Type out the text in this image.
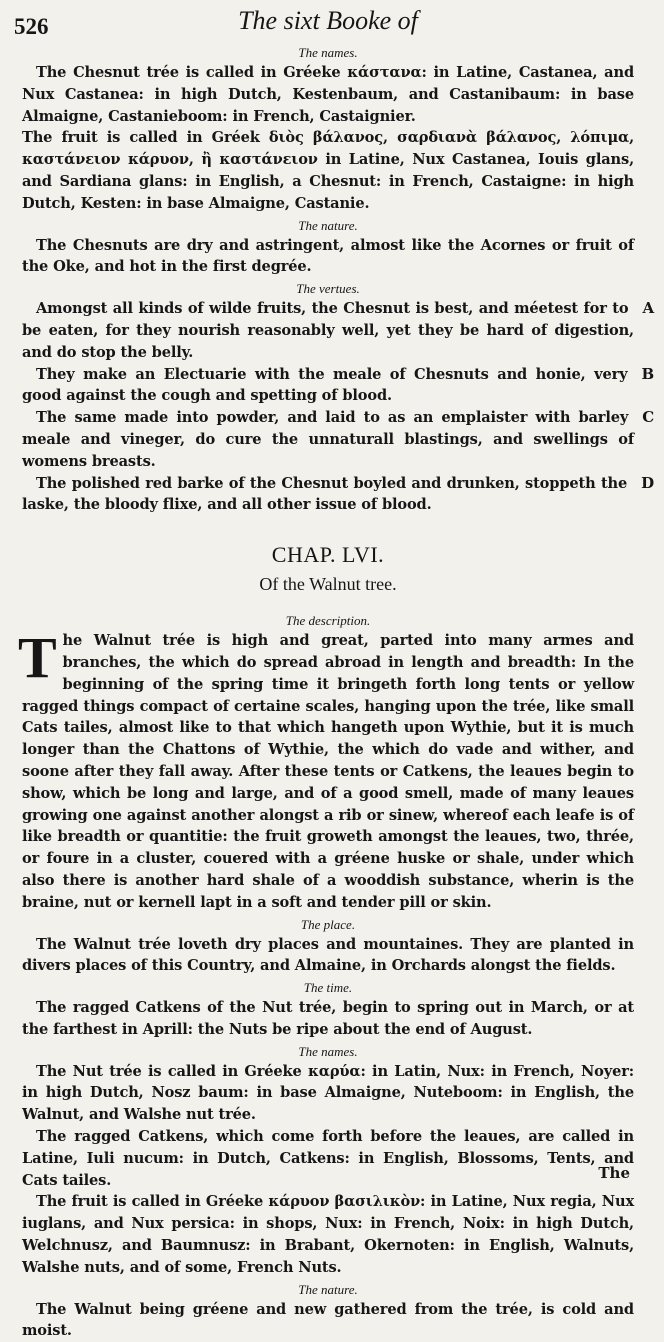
526	The sixt Booke of
The names.

The Chesnut trée is called in Gréeke κάστανα: in Latine, Castanea, and Nux Castanea: in high Dutch, Kestenbaum, and Castanibaum: in base Almaigne, Castanieboom: in French, Castaignier.

The fruit is called in Gréek διὸς βάλανος, σαρδιανὰ βάλανος, λόπιμα, καστάνειον κάρυον, ἢ καστάνειον in Latine, Nux Castanea, Iouis glans, and Sardiana glans: in English, a Chesnut: in French, Castaigne: in high Dutch, Kesten: in base Almaigne, Castanie.

The nature.

The Chesnuts are dry and astringent, almost like the Acornes or fruit of the Oke, and hot in the first degrée.

The vertues.

A
Amongst all kinds of wilde fruits, the Chesnut is best, and méetest for to be eaten, for they nourish reasonably well, yet they be hard of digestion, and do stop the belly.

B
They make an Electuarie with the meale of Chesnuts and honie, very good against the cough and spetting of blood.

C
The same made into powder, and laid to as an emplaister with barley meale and vineger, do cure the unnaturall blastings, and swellings of womens breasts.

D
The polished red barke of the Chesnut boyled and drunken, stoppeth the laske, the bloody flixe, and all other issue of blood.

CHAP. LVI.
Of the Walnut tree.
The description.

The Walnut trée is high and great, parted into many armes and branches, the which do spread abroad in length and breadth: In the beginning of the spring time it bringeth forth long tents or yellow ragged things compact of certaine scales, hanging upon the trée, like small Cats tailes, almost like to that which hangeth upon Wythie, but it is much longer than the Chattons of Wythie, the which do vade and wither, and soone after they fall away. After these tents or Catkens, the leaues begin to show, which be long and large, and of a good smell, made of many leaues growing one against another alongst a rib or sinew, whereof each leafe is of like breadth or quantitie: the fruit groweth amongst the leaues, two, thrée, or foure in a cluster, couered with a gréene huske or shale, under which also there is another hard shale of a wooddish substance, wherin is the braine, nut or kernell lapt in a soft and tender pill or skin.

The place.

The Walnut trée loveth dry places and mountaines. They are planted in divers places of this Country, and Almaine, in Orchards alongst the fields.

The time.

The ragged Catkens of the Nut trée, begin to spring out in March, or at the farthest in Aprill: the Nuts be ripe about the end of August.

The names.

The Nut trée is called in Gréeke καρύα: in Latin, Nux: in French, Noyer: in high Dutch, Nosz baum: in base Almaigne, Nuteboom: in English, the Walnut, and Walshe nut trée.

The ragged Catkens, which come forth before the leaues, are called in Latine, Iuli nucum: in Dutch, Catkens: in English, Blossoms, Tents, and Cats tailes.

The fruit is called in Gréeke κάρυον βασιλικὸν: in Latine, Nux regia, Nux iuglans, and Nux persica: in shops, Nux: in French, Noix: in high Dutch, Welchnusz, and Baumnusz: in Brabant, Okernoten: in English, Walnuts, Walshe nuts, and of some, French Nuts.

The nature.

The Walnut being gréene and new gathered from the trée, is cold and moist.

The
